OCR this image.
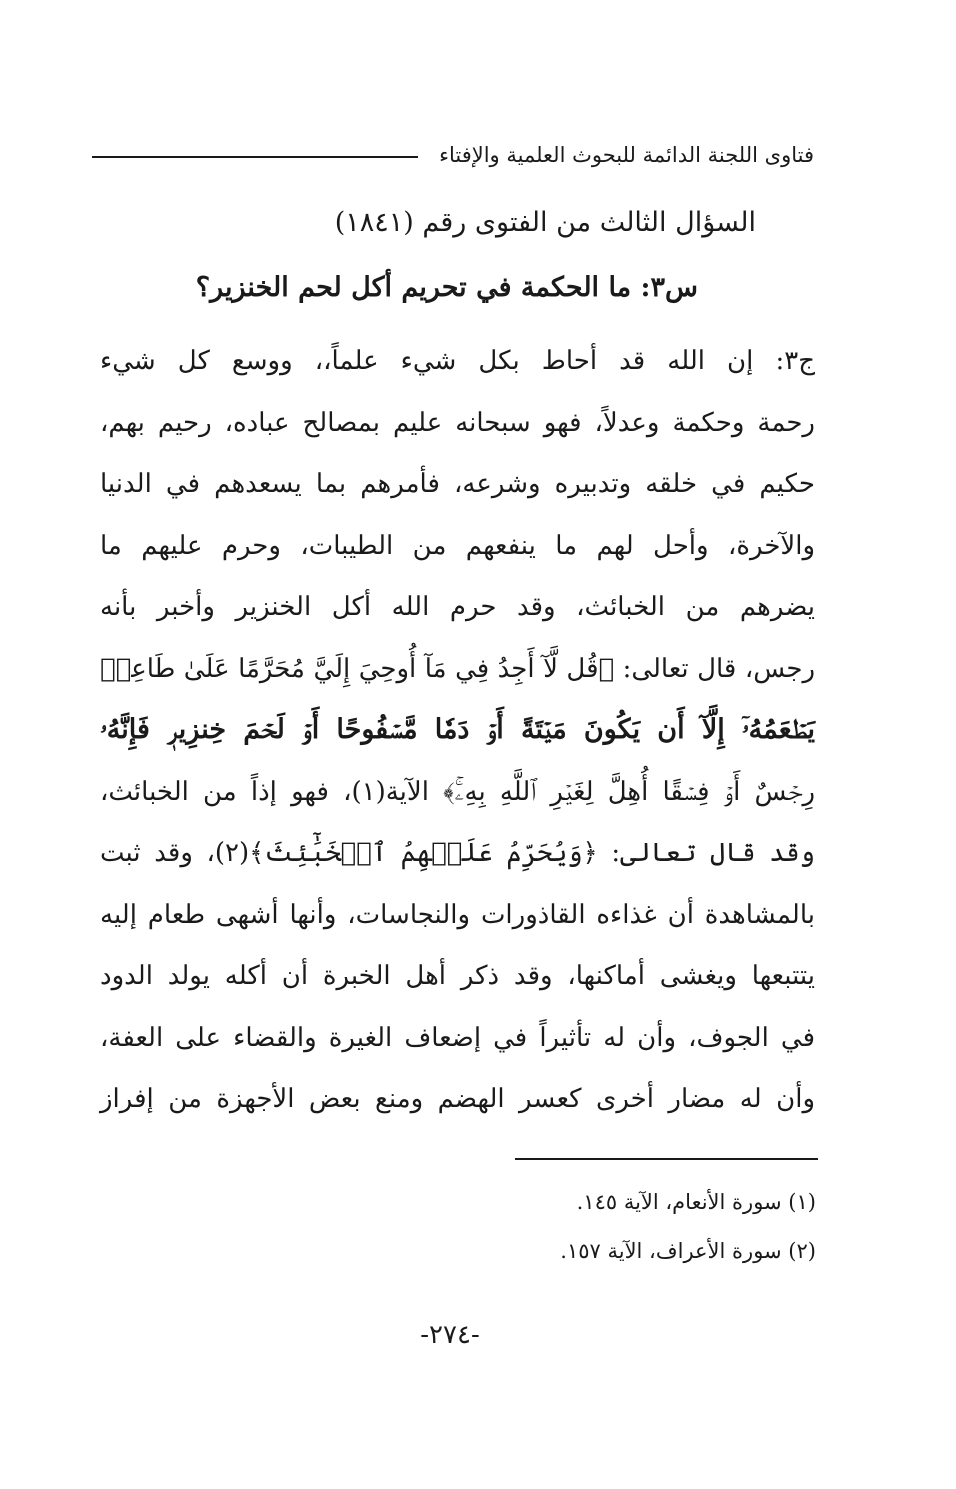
فتاوى اللجنة الدائمة للبحوث العلمية والإفتاء
السؤال الثالث من الفتوى رقم (١٨٤١)
س٣: ما الحكمة في تحريم أكل لحم الخنزير؟
ج٣: إن الله قد أحاط بكل شيء علماً،، ووسع كل شيء
رحمة وحكمة وعدلاً، فهو سبحانه عليم بمصالح عباده، رحيم بهم،
حكيم في خلقه وتدبيره وشرعه، فأمرهم بما يسعدهم في الدنيا
والآخرة، وأحل لهم ما ينفعهم من الطيبات، وحرم عليهم ما
يضرهم من الخبائث، وقد حرم الله أكل الخنزير وأخبر بأنه
رجس، قال تعالى: ﴿قُل لَّآ أَجِدُ فِي مَآ أُوحِيَ إِلَيَّ مُحَرَّمًا عَلَىٰ طَاعِمٖ
يَطۡعَمُهُۥٓ إِلَّآ أَن يَكُونَ مَيۡتَةً أَوۡ دَمٗا مَّسۡفُوحًا أَوۡ لَحۡمَ خِنزِيرٖ فَإِنَّهُۥ
رِجۡسٌ أَوۡ فِسۡقًا أُهِلَّ لِغَيۡرِ ٱللَّهِ بِهِۦۚ﴾ الآية(١)، فهو إذاً من الخبائث،
وقد قال تعالى: ﴿وَيُحَرِّمُ عَلَيۡهِمُ ٱلۡخَبَٰٓئِثَ﴾(٢)، وقد ثبت
بالمشاهدة أن غذاءه القاذورات والنجاسات، وأنها أشهى طعام إليه
يتتبعها ويغشى أماكنها، وقد ذكر أهل الخبرة أن أكله يولد الدود
في الجوف، وأن له تأثيراً في إضعاف الغيرة والقضاء على العفة،
وأن له مضار أخرى كعسر الهضم ومنع بعض الأجهزة من إفراز
(١) سورة الأنعام، الآية ١٤٥.
(٢) سورة الأعراف، الآية ١٥٧.
-٢٧٤-
